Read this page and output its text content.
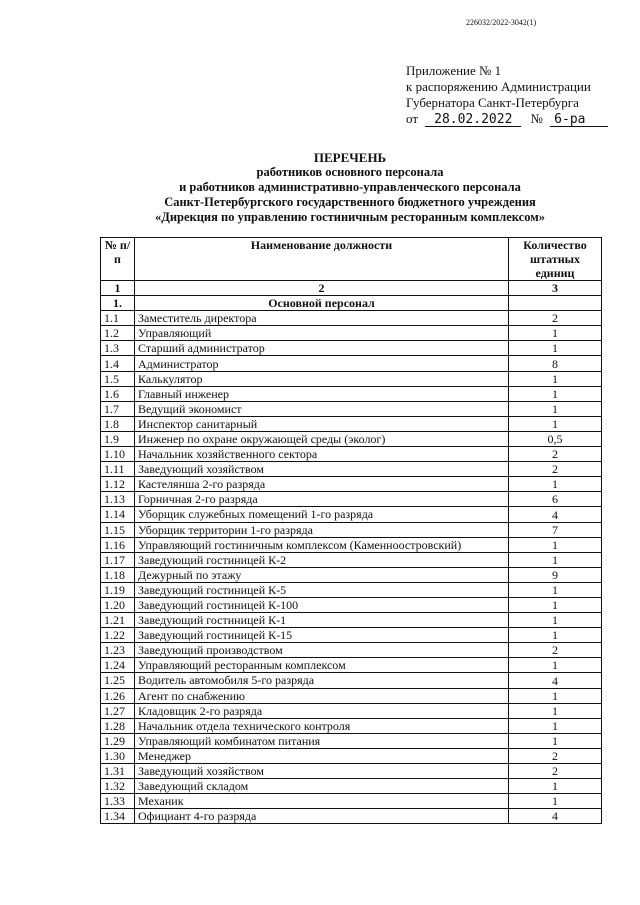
226032/2022-3042(1)
Приложение № 1
к распоряжению Администрации
Губернатора Санкт-Петербурга
от 28.02.2022 № 6-ра
ПЕРЕЧЕНЬ
работников основного персонала
и работников административно-управленческого персонала
Санкт-Петербургского государственного бюджетного учреждения
«Дирекция по управлению гостиничным ресторанным комплексом»
№ п/п	Наименование должности	Количество штатных единиц
1	2	3
1.	Основной персонал	
1.1	Заместитель директора	2
1.2	Управляющий	1
1.3	Старший администратор	1
1.4	Администратор	8
1.5	Калькулятор	1
1.6	Главный инженер	1
1.7	Ведущий экономист	1
1.8	Инспектор санитарный	1
1.9	Инженер по охране окружающей среды (эколог)	0,5
1.10	Начальник хозяйственного сектора	2
1.11	Заведующий хозяйством	2
1.12	Кастелянша 2-го разряда	1
1.13	Горничная 2-го разряда	6
1.14	Уборщик служебных помещений 1-го разряда	4
1.15	Уборщик территории 1-го разряда	7
1.16	Управляющий гостиничным комплексом (Каменноостровский)	1
1.17	Заведующий гостиницей К-2	1
1.18	Дежурный по этажу	9
1.19	Заведующий гостиницей К-5	1
1.20	Заведующий гостиницей К-100	1
1.21	Заведующий гостиницей К-1	1
1.22	Заведующий гостиницей К-15	1
1.23	Заведующий производством	2
1.24	Управляющий ресторанным комплексом	1
1.25	Водитель автомобиля 5-го разряда	4
1.26	Агент по снабжению	1
1.27	Кладовщик 2-го разряда	1
1.28	Начальник отдела технического контроля	1
1.29	Управляющий комбинатом питания	1
1.30	Менеджер	2
1.31	Заведующий хозяйством	2
1.32	Заведующий складом	1
1.33	Механик	1
1.34	Официант 4-го разряда	4
